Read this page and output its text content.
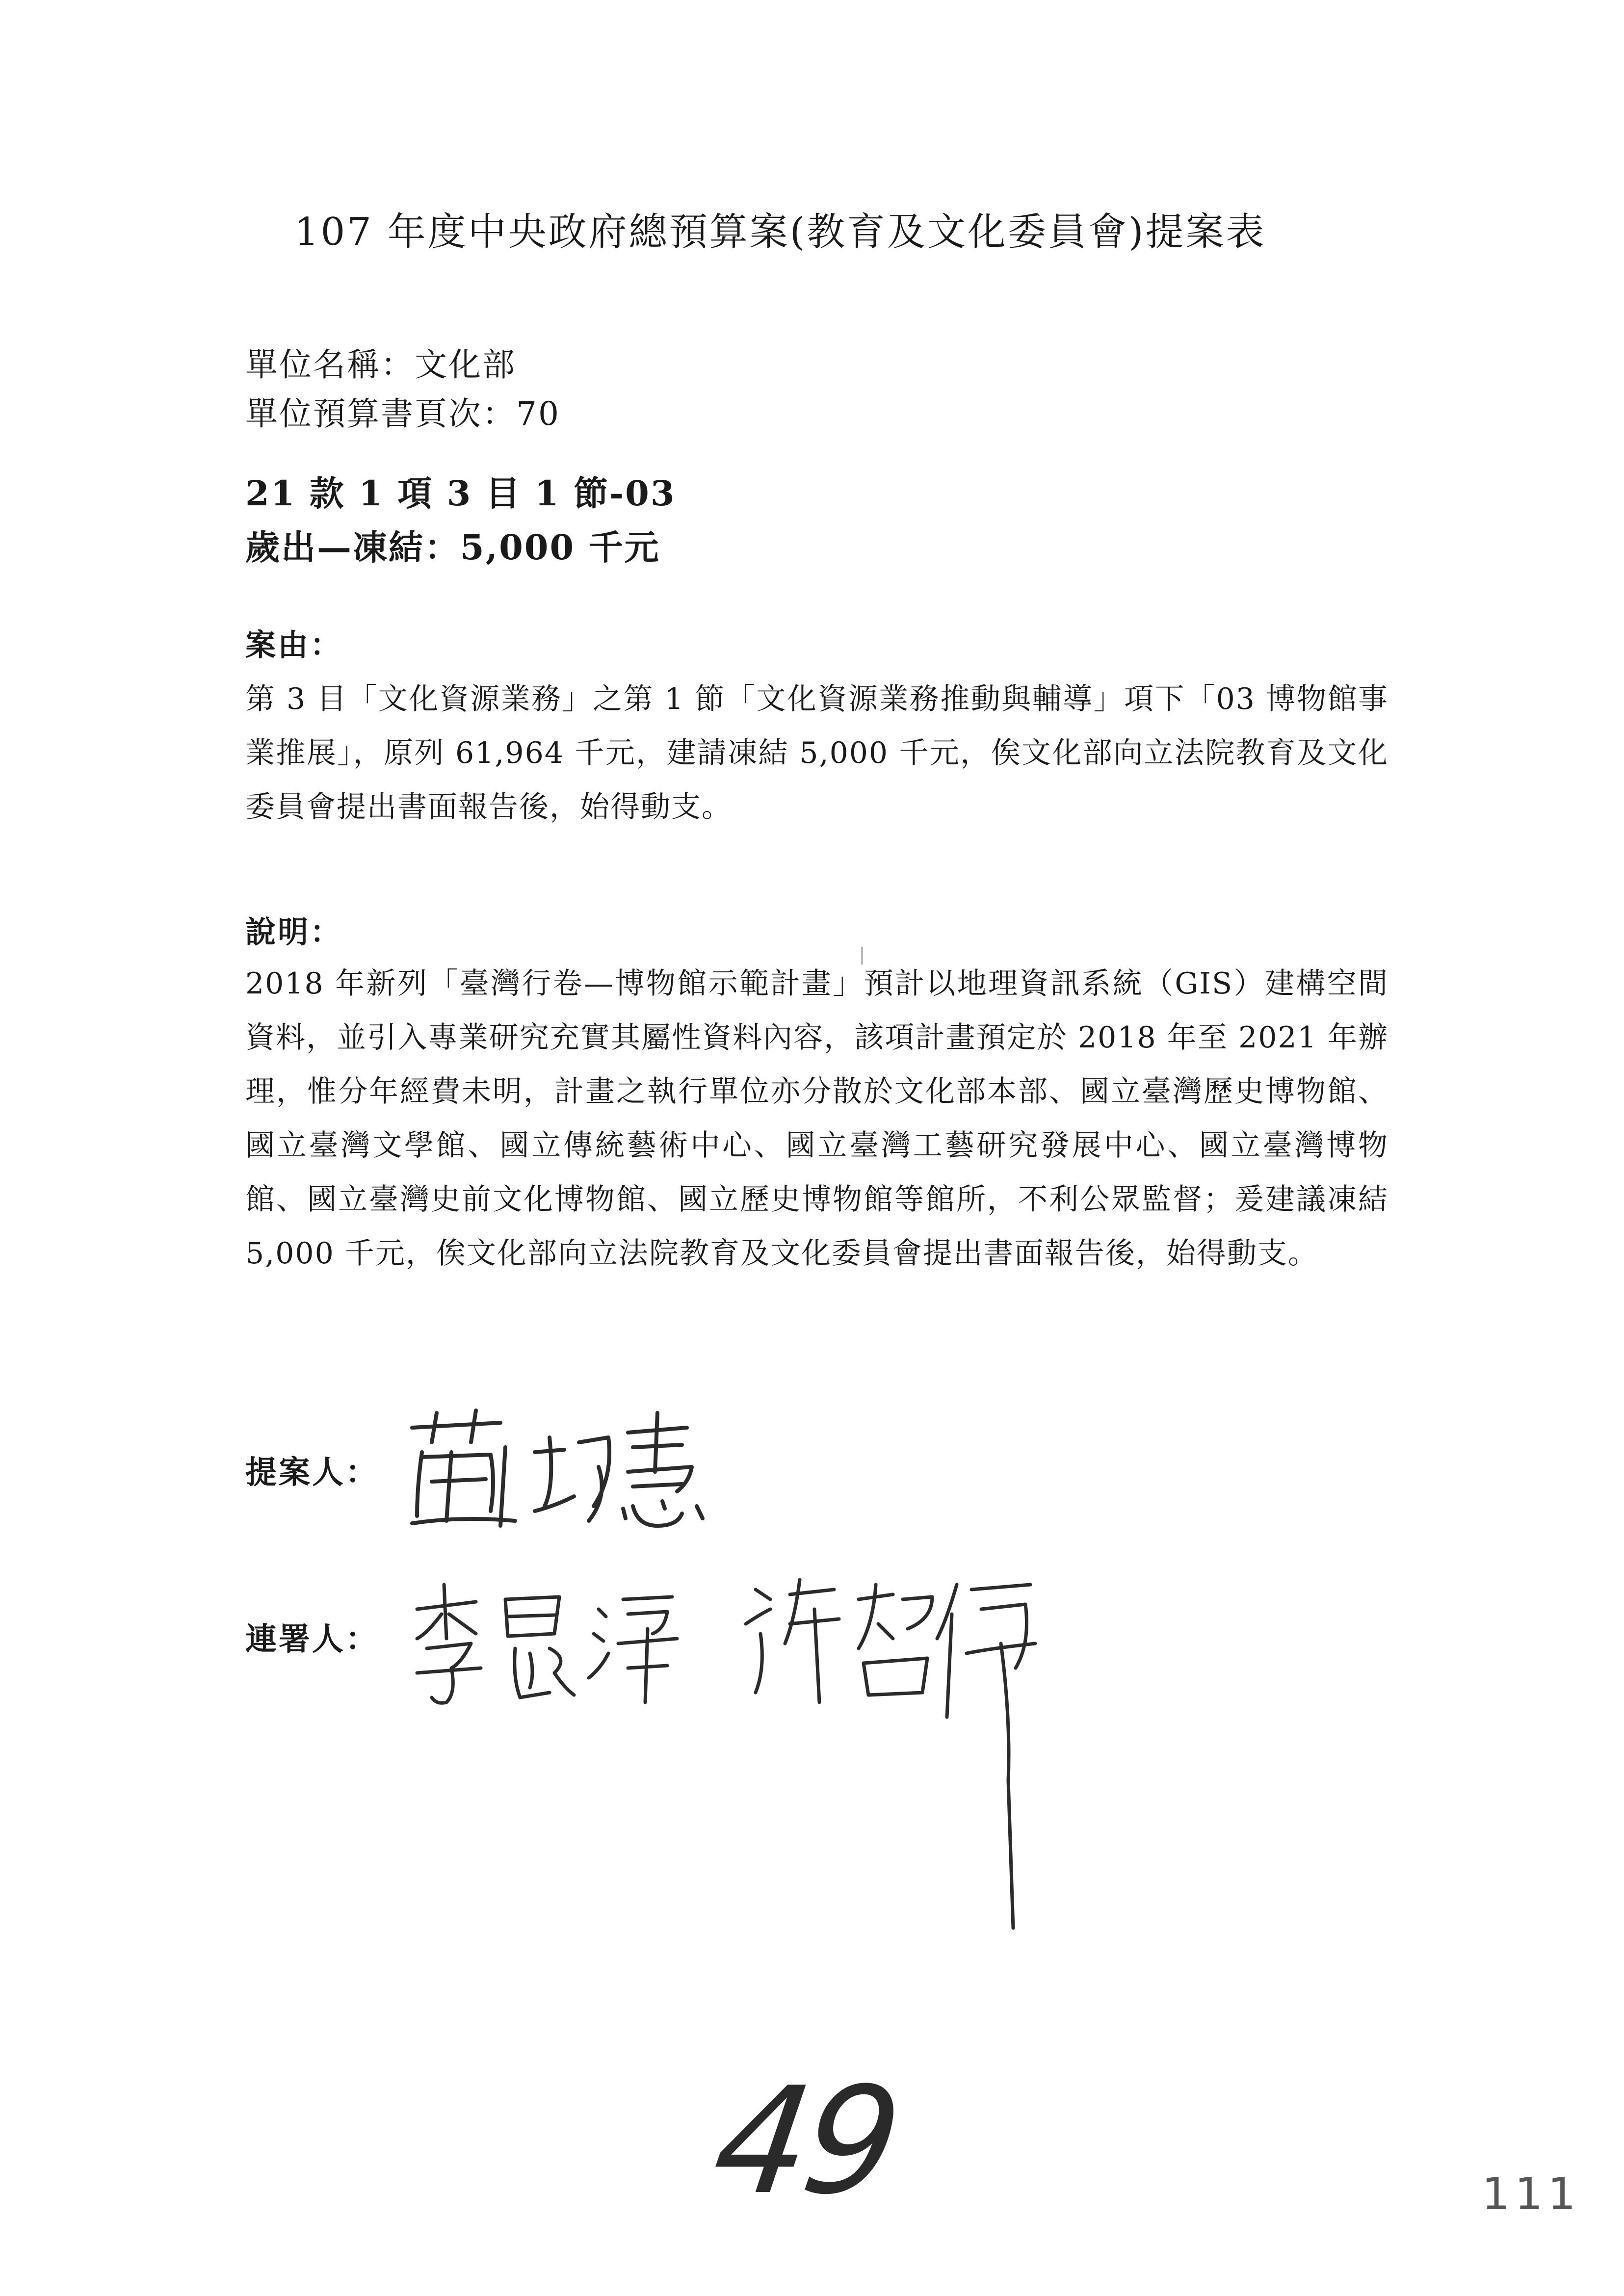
107 年度中央政府總預算案(教育及文化委員會)提案表
單位名稱：文化部
單位預算書頁次：70
21 款 1 項 3 目 1 節-03
歲出—凍結：5,000 千元
案由：
第 3 目「文化資源業務」之第 1 節「文化資源業務推動與輔導」項下「03 博物館事業推展」，原列 61,964 千元，建請凍結 5,000 千元，俟文化部向立法院教育及文化委員會提出書面報告後，始得動支。
說明：
2018 年新列「臺灣行卷—博物館示範計畫」預計以地理資訊系統（GIS）建構空間資料，並引入專業研究充實其屬性資料內容，該項計畫預定於 2018 年至 2021 年辦理，惟分年經費未明，計畫之執行單位亦分散於文化部本部、國立臺灣歷史博物館、國立臺灣文學館、國立傳統藝術中心、國立臺灣工藝研究發展中心、國立臺灣博物館、國立臺灣史前文化博物館、國立歷史博物館等館所，不利公眾監督；爰建議凍結 5,000 千元，俟文化部向立法院教育及文化委員會提出書面報告後，始得動支。
提案人：
連署人：
49	111
